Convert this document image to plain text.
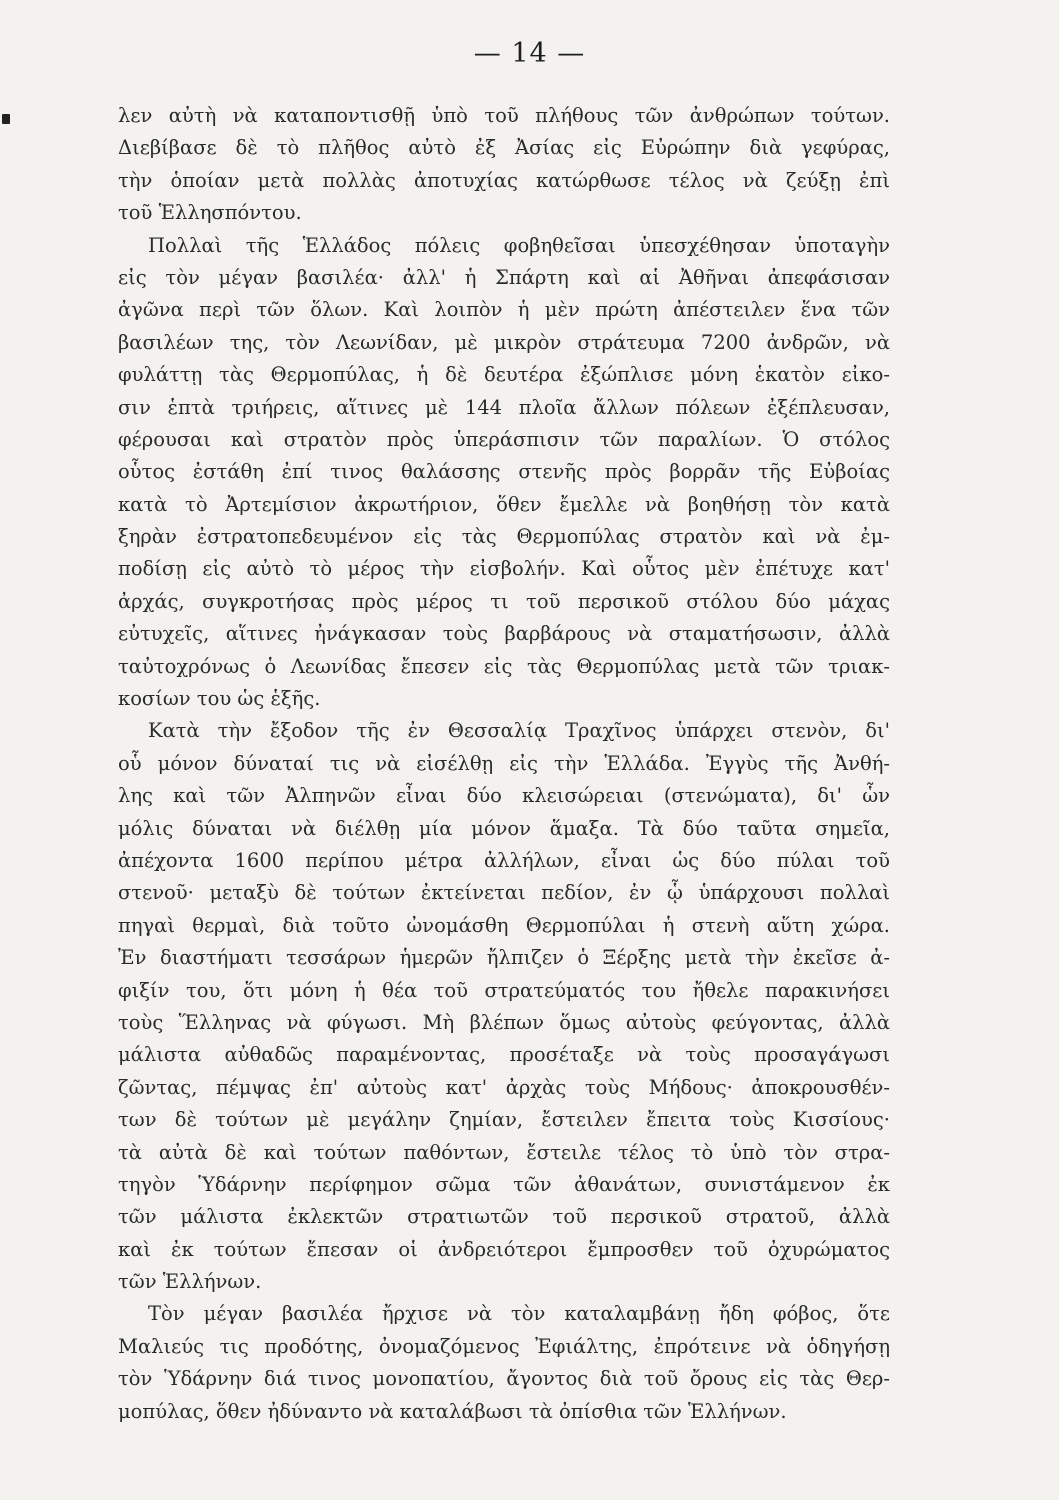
— 14 —

λεν αὐτὴ νὰ καταποντισθῇ ὑπὸ τοῦ πλήθους τῶν ἀνθρώπων τούτων.
Διεβίβασε δὲ τὸ πλῆθος αὐτὸ ἐξ Ἀσίας εἰς Εὐρώπην διὰ γεφύρας,
τὴν ὁποίαν μετὰ πολλὰς ἀποτυχίας κατώρθωσε τέλος νὰ ζεύξῃ ἐπὶ
τοῦ Ἑλλησπόντου.
Πολλαὶ τῆς Ἑλλάδος πόλεις φοβηθεῖσαι ὑπεσχέθησαν ὑποταγὴν
εἰς τὸν μέγαν βασιλέα· ἀλλ' ἡ Σπάρτη καὶ αἱ Ἀθῆναι ἀπεφάσισαν
ἀγῶνα περὶ τῶν ὅλων. Καὶ λοιπὸν ἡ μὲν πρώτη ἀπέστειλεν ἕνα τῶν
βασιλέων της, τὸν Λεωνίδαν, μὲ μικρὸν στράτευμα 7200 ἀνδρῶν, νὰ
φυλάττῃ τὰς Θερμοπύλας, ἡ δὲ δευτέρα ἐξώπλισε μόνη ἑκατὸν εἰκο-
σιν ἑπτὰ τριήρεις, αἵτινες μὲ 144 πλοῖα ἄλλων πόλεων ἐξέπλευσαν,
φέρουσαι καὶ στρατὸν πρὸς ὑπεράσπισιν τῶν παραλίων. Ὁ στόλος
οὗτος ἐστάθη ἐπί τινος θαλάσσης στενῆς πρὸς βορρᾶν τῆς Εὐβοίας
κατὰ τὸ Ἀρτεμίσιον ἀκρωτήριον, ὅθεν ἔμελλε νὰ βοηθήσῃ τὸν κατὰ
ξηρὰν ἐστρατοπεδευμένον εἰς τὰς Θερμοπύλας στρατὸν καὶ νὰ ἐμ-
ποδίσῃ εἰς αὐτὸ τὸ μέρος τὴν εἰσβολήν. Καὶ οὗτος μὲν ἐπέτυχε κατ'
ἀρχάς, συγκροτήσας πρὸς μέρος τι τοῦ περσικοῦ στόλου δύο μάχας
εὐτυχεῖς, αἵτινες ἠνάγκασαν τοὺς βαρβάρους νὰ σταματήσωσιν, ἀλλὰ
ταὐτοχρόνως ὁ Λεωνίδας ἔπεσεν εἰς τὰς Θερμοπύλας μετὰ τῶν τριακ-
κοσίων του ὡς ἑξῆς.
Κατὰ τὴν ἔξοδον τῆς ἐν Θεσσαλίᾳ Τραχῖνος ὑπάρχει στενὸν, δι'
οὗ μόνον δύναταί τις νὰ εἰσέλθῃ εἰς τὴν Ἑλλάδα. Ἐγγὺς τῆς Ἀνθή-
λης καὶ τῶν Ἀλπηνῶν εἶναι δύο κλεισώρειαι (στενώματα), δι' ὧν
μόλις δύναται νὰ διέλθῃ μία μόνον ἅμαξα. Τὰ δύο ταῦτα σημεῖα,
ἀπέχοντα 1600 περίπου μέτρα ἀλλήλων, εἶναι ὡς δύο πύλαι τοῦ
στενοῦ· μεταξὺ δὲ τούτων ἐκτείνεται πεδίον, ἐν ᾧ ὑπάρχουσι πολλαὶ
πηγαὶ θερμαὶ, διὰ τοῦτο ὠνομάσθη Θερμοπύλαι ἡ στενὴ αὕτη χώρα.
Ἐν διαστήματι τεσσάρων ἡμερῶν ἤλπιζεν ὁ Ξέρξης μετὰ τὴν ἐκεῖσε ἀ-
φιξίν του, ὅτι μόνη ἡ θέα τοῦ στρατεύματός του ἤθελε παρακινήσει
τοὺς Ἕλληνας νὰ φύγωσι. Μὴ βλέπων ὅμως αὐτοὺς φεύγοντας, ἀλλὰ
μάλιστα αὐθαδῶς παραμένοντας, προσέταξε νὰ τοὺς προσαγάγωσι
ζῶντας, πέμψας ἐπ' αὐτοὺς κατ' ἀρχὰς τοὺς Μήδους· ἀποκρουσθέν-
των δὲ τούτων μὲ μεγάλην ζημίαν, ἔστειλεν ἔπειτα τοὺς Κισσίους·
τὰ αὐτὰ δὲ καὶ τούτων παθόντων, ἔστειλε τέλος τὸ ὑπὸ τὸν στρα-
τηγὸν Ὑδάρνην περίφημον σῶμα τῶν ἀθανάτων, συνιστάμενον ἐκ
τῶν μάλιστα ἐκλεκτῶν στρατιωτῶν τοῦ περσικοῦ στρατοῦ, ἀλλὰ
καὶ ἐκ τούτων ἔπεσαν οἱ ἀνδρειότεροι ἔμπροσθεν τοῦ ὀχυρώματος
τῶν Ἑλλήνων.
Τὸν μέγαν βασιλέα ἤρχισε νὰ τὸν καταλαμβάνῃ ἤδη φόβος, ὅτε
Μαλιεύς τις προδότης, ὀνομαζόμενος Ἐφιάλτης, ἐπρότεινε νὰ ὁδηγήσῃ
τὸν Ὑδάρνην διά τινος μονοπατίου, ἄγοντος διὰ τοῦ ὄρους εἰς τὰς Θερ-
μοπύλας, ὅθεν ἠδύναντο νὰ καταλάβωσι τὰ ὀπίσθια τῶν Ἑλλήνων.
